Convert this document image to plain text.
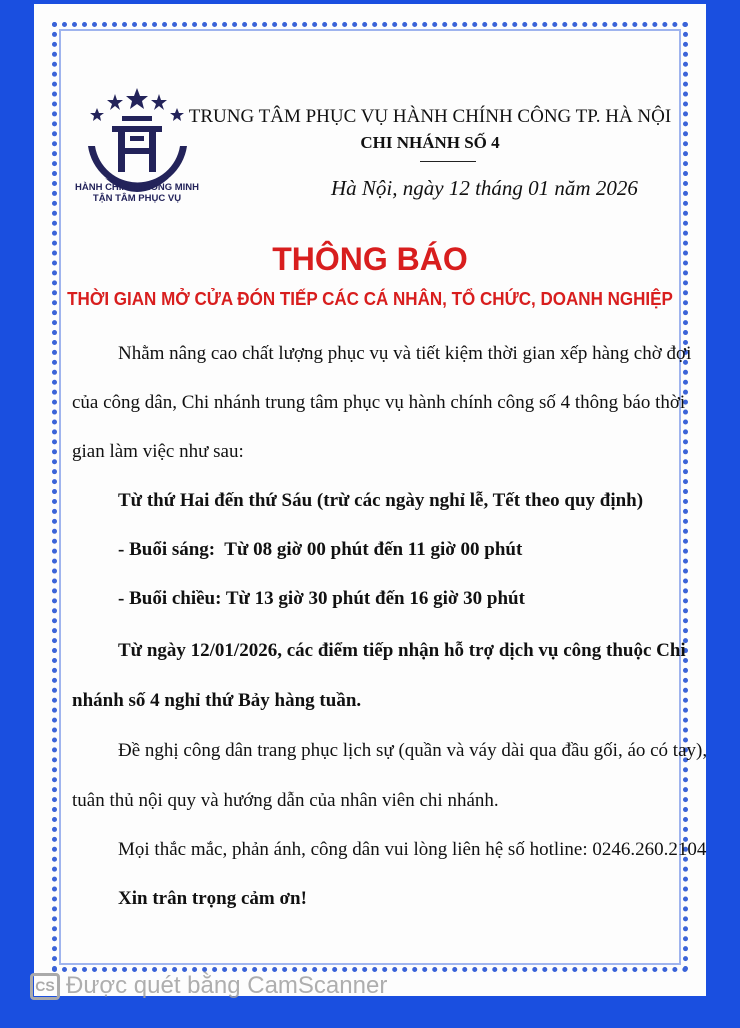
HÀNH CHÍNH THÔNG MINH
TẬN TÂM PHỤC VỤ
TRUNG TÂM PHỤC VỤ HÀNH CHÍNH CÔNG TP. HÀ NỘI
CHI NHÁNH SỐ 4
Hà Nội, ngày 12 tháng 01 năm 2026
THÔNG BÁO
THỜI GIAN MỞ CỬA ĐÓN TIẾP CÁC CÁ NHÂN, TỔ CHỨC, DOANH NGHIỆP
Nhằm nâng cao chất lượng phục vụ và tiết kiệm thời gian xếp hàng chờ đợi
của công dân, Chi nhánh trung tâm phục vụ hành chính công số 4 thông báo thời
gian làm việc như sau:
Từ thứ Hai đến thứ Sáu (trừ các ngày nghỉ lễ, Tết theo quy định)
- Buổi sáng:  Từ 08 giờ 00 phút đến 11 giờ 00 phút
- Buổi chiều: Từ 13 giờ 30 phút đến 16 giờ 30 phút
Từ ngày 12/01/2026, các điểm tiếp nhận hỗ trợ dịch vụ công thuộc Chi
nhánh số 4 nghỉ thứ Bảy hàng tuần.
Đề nghị công dân trang phục lịch sự (quần và váy dài qua đầu gối, áo có tay),
tuân thủ nội quy và hướng dẫn của nhân viên chi nhánh.
Mọi thắc mắc, phản ánh, công dân vui lòng liên hệ số hotline: 0246.260.2104
Xin trân trọng cảm ơn!
CS Được quét bằng CamScanner
